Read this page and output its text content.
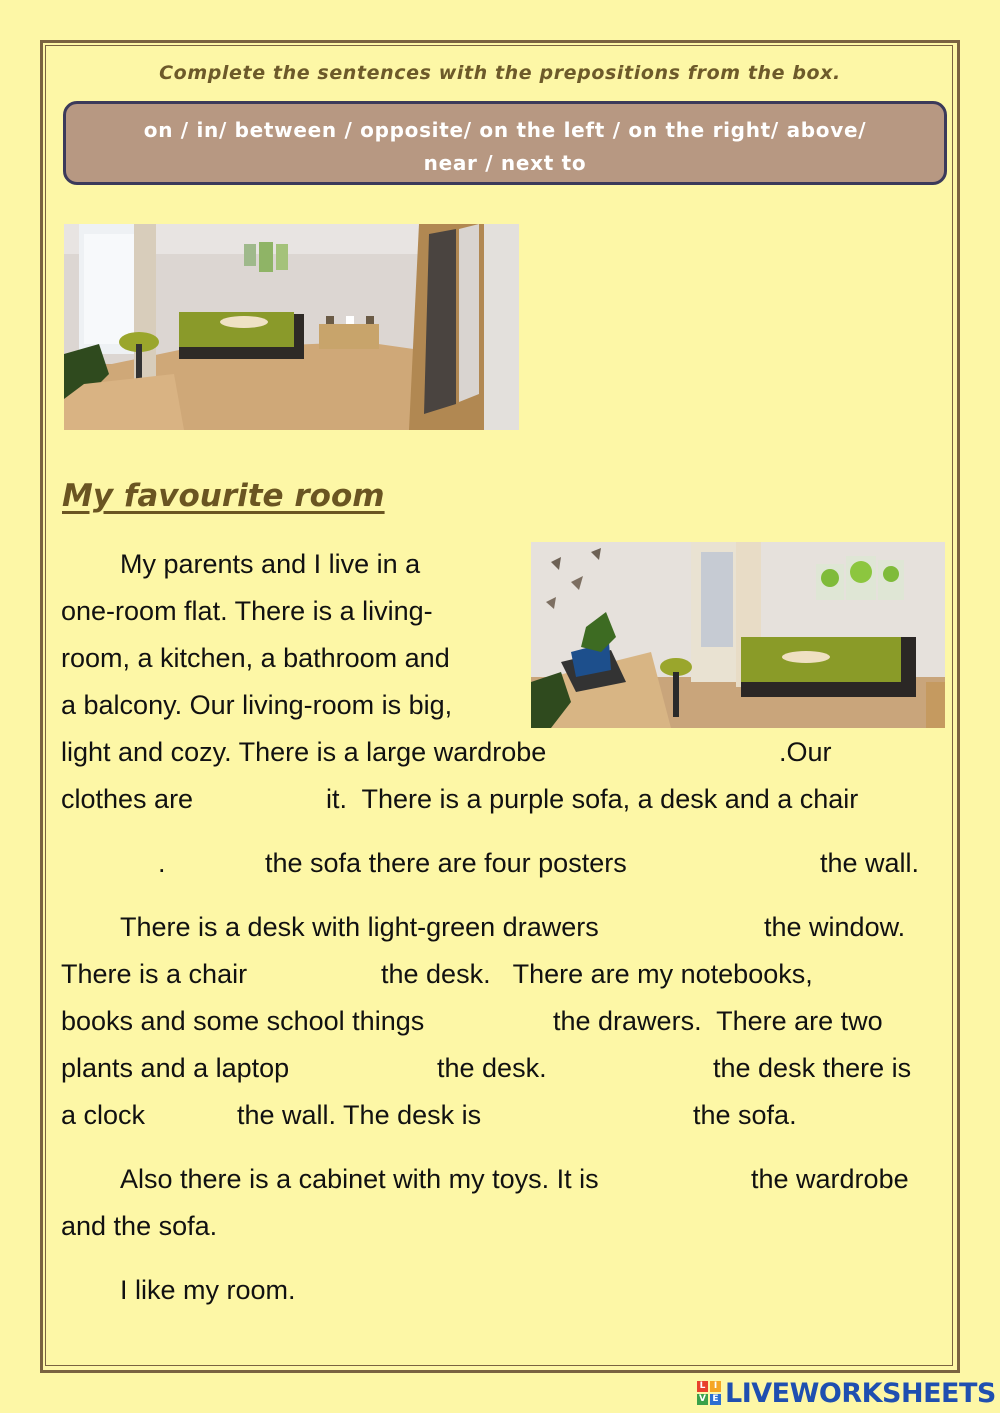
Complete the sentences with the prepositions from the box.
on / in/ between / opposite/ on the left / on the right/ above/
near / next to
My favourite room
My parents and I live in a
one-room flat. There is a living-
room, a kitchen, a bathroom and
a balcony. Our living-room is big,
light and cozy. There is a large wardrobe	.Our
clothes are	it.  There is a purple sofa, a desk and a chair
.	the sofa there are four posters	the wall.
There is a desk with light-green drawers	the window.
There is a chair	the desk.   There are my notebooks,
books and some school things	the drawers.  There are two
plants and a laptop	the desk.	the desk there is
a clock	the wall. The desk is	the sofa.
Also there is a cabinet with my toys. It is	the wardrobe
and the sofa.
I like my room.
L I
V E LIVEWORKSHEETS
